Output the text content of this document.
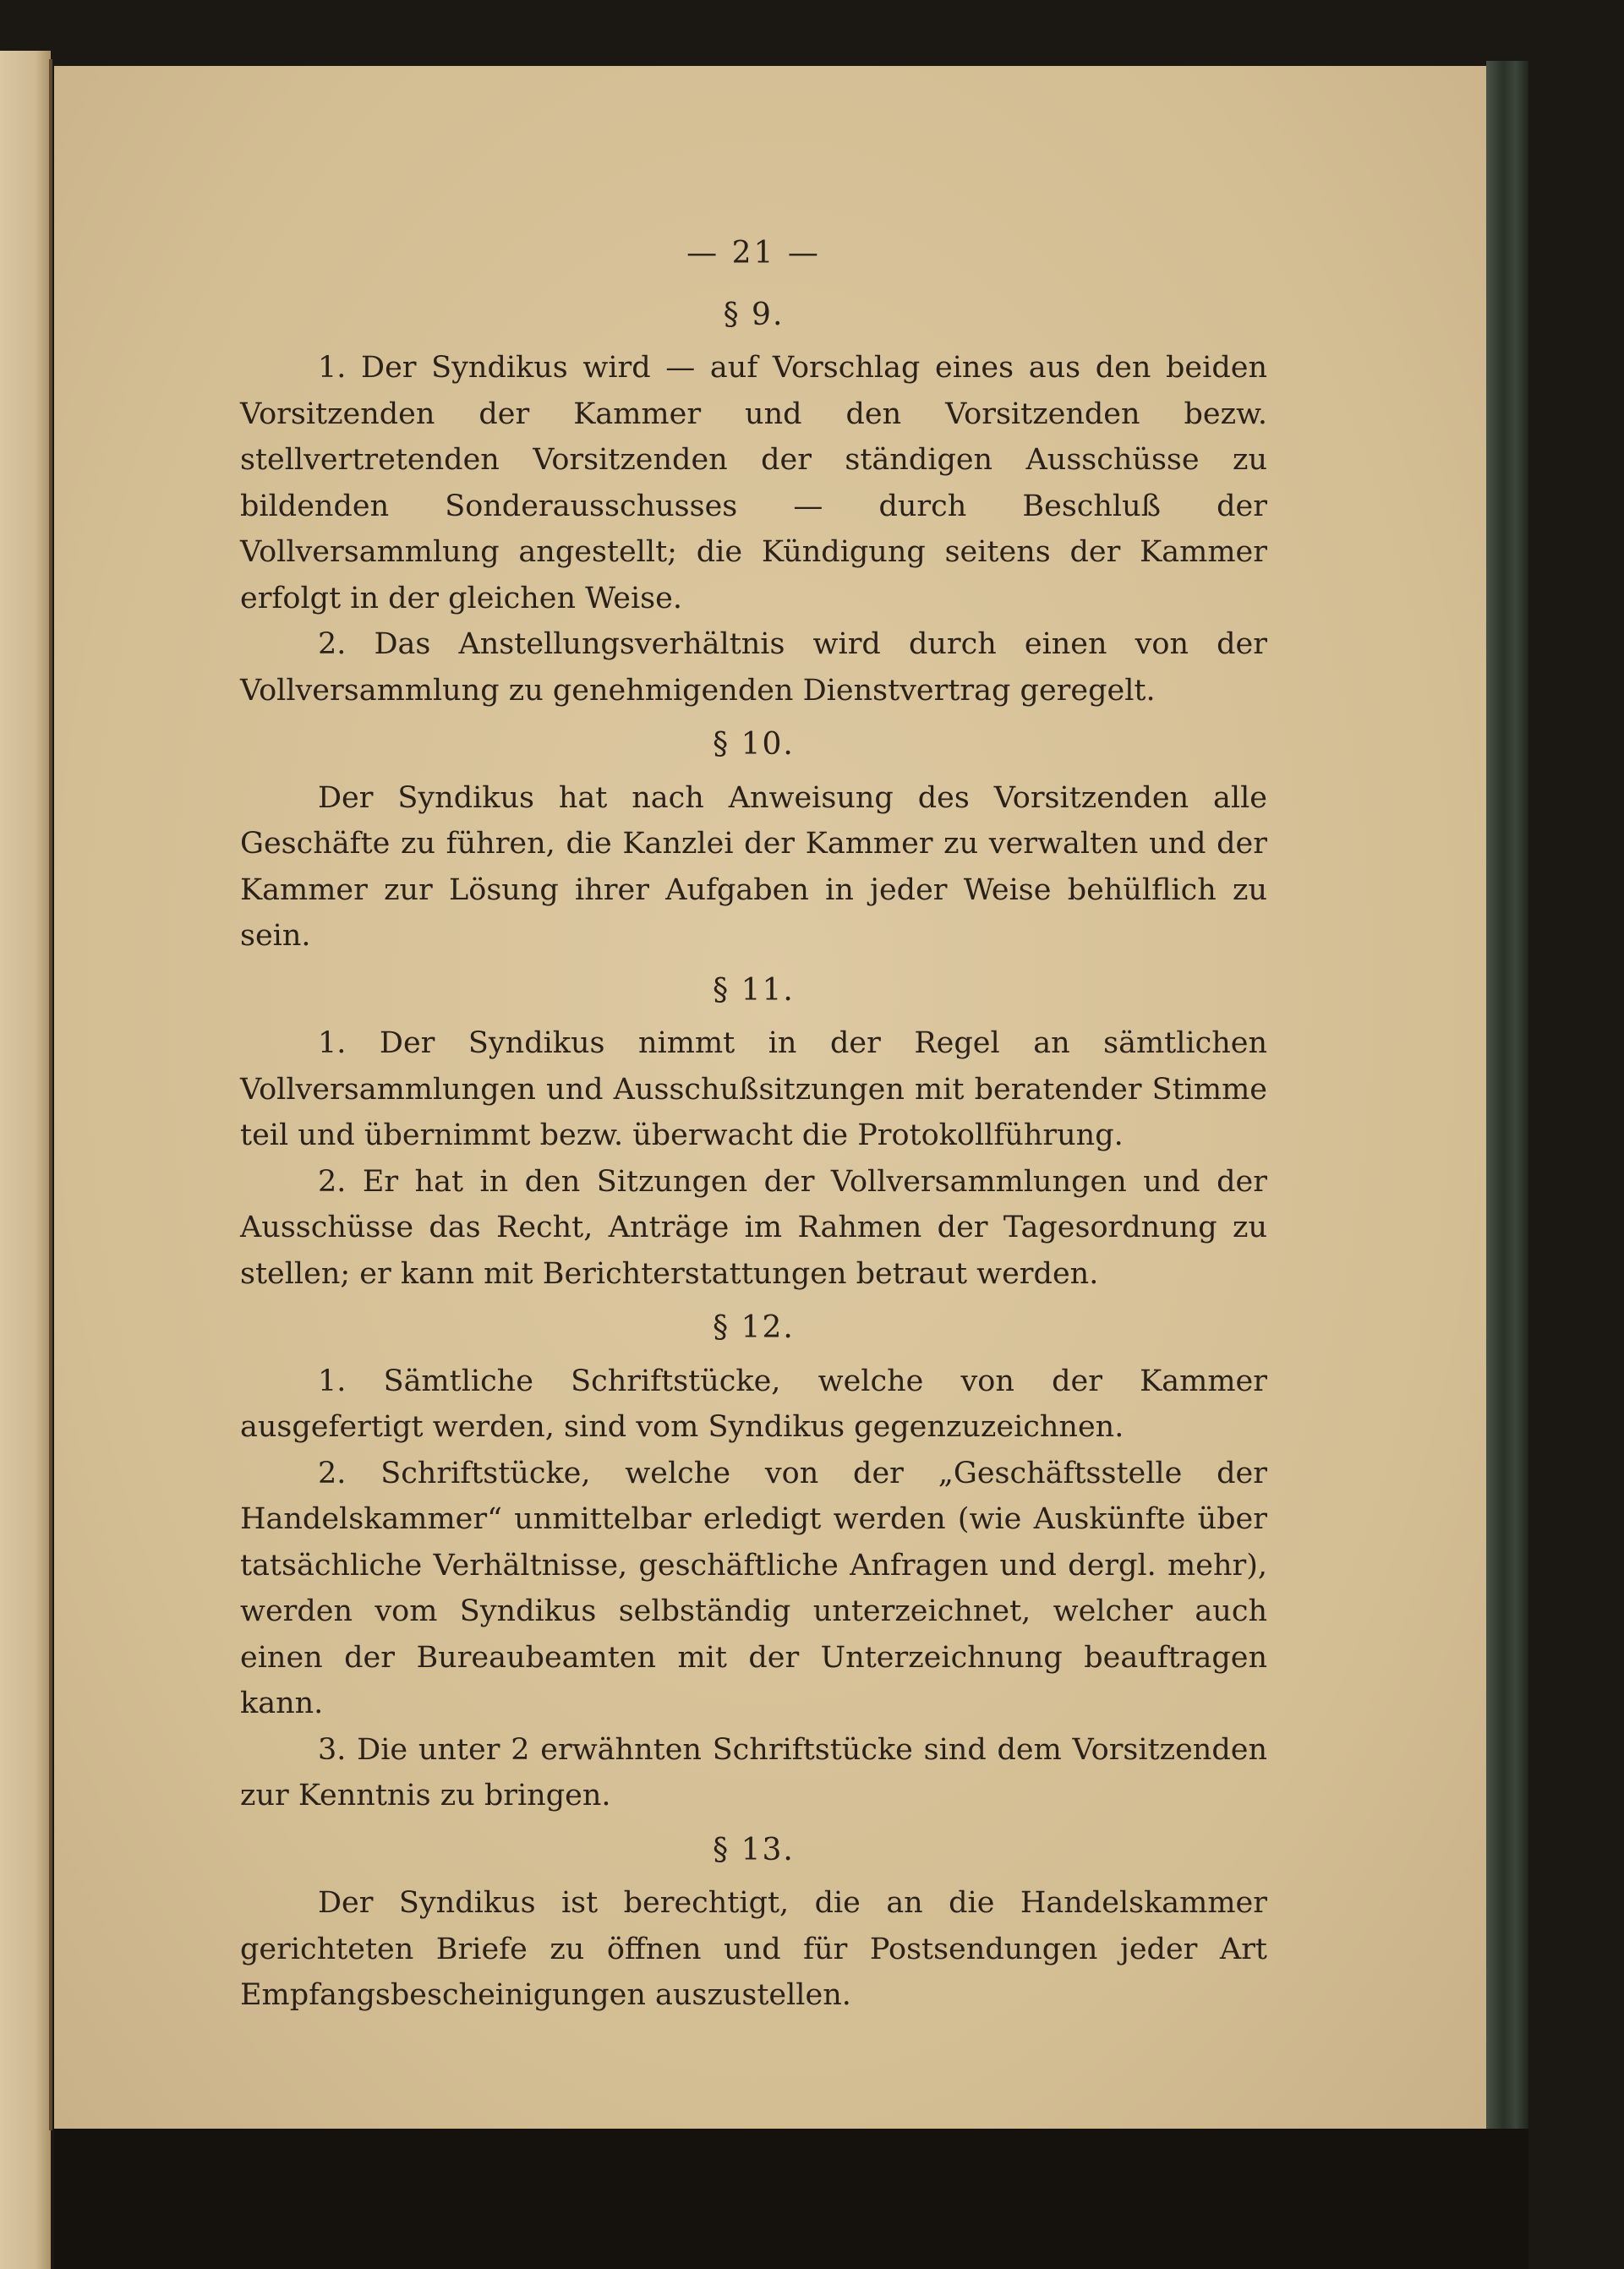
— 21 —
§ 9.

1. Der Syndikus wird — auf Vorschlag eines aus den beiden Vorsitzenden der Kammer und den Vorsitzenden bezw. stellvertretenden Vorsitzenden der ständigen Ausschüsse zu bildenden Sonderausschusses — durch Beschluß der Vollversammlung angestellt; die Kündigung seitens der Kammer erfolgt in der gleichen Weise.

2. Das Anstellungsverhältnis wird durch einen von der Vollversammlung zu genehmigenden Dienstvertrag geregelt.

§ 10.

Der Syndikus hat nach Anweisung des Vorsitzenden alle Geschäfte zu führen, die Kanzlei der Kammer zu verwalten und der Kammer zur Lösung ihrer Aufgaben in jeder Weise behülflich zu sein.

§ 11.

1. Der Syndikus nimmt in der Regel an sämtlichen Vollversammlungen und Ausschußsitzungen mit beratender Stimme teil und übernimmt bezw. überwacht die Protokollführung.

2. Er hat in den Sitzungen der Vollversammlungen und der Ausschüsse das Recht, Anträge im Rahmen der Tagesordnung zu stellen; er kann mit Berichterstattungen betraut werden.

§ 12.

1. Sämtliche Schriftstücke, welche von der Kammer ausgefertigt werden, sind vom Syndikus gegenzuzeichnen.

2. Schriftstücke, welche von der „Geschäftsstelle der Handelskammer“ unmittelbar erledigt werden (wie Auskünfte über tatsächliche Verhältnisse, geschäftliche Anfragen und dergl. mehr), werden vom Syndikus selbständig unterzeichnet, welcher auch einen der Bureaubeamten mit der Unterzeichnung beauftragen kann.

3. Die unter 2 erwähnten Schriftstücke sind dem Vorsitzenden zur Kenntnis zu bringen.

§ 13.

Der Syndikus ist berechtigt, die an die Handelskammer gerichteten Briefe zu öffnen und für Postsendungen jeder Art Empfangsbescheinigungen auszustellen.
